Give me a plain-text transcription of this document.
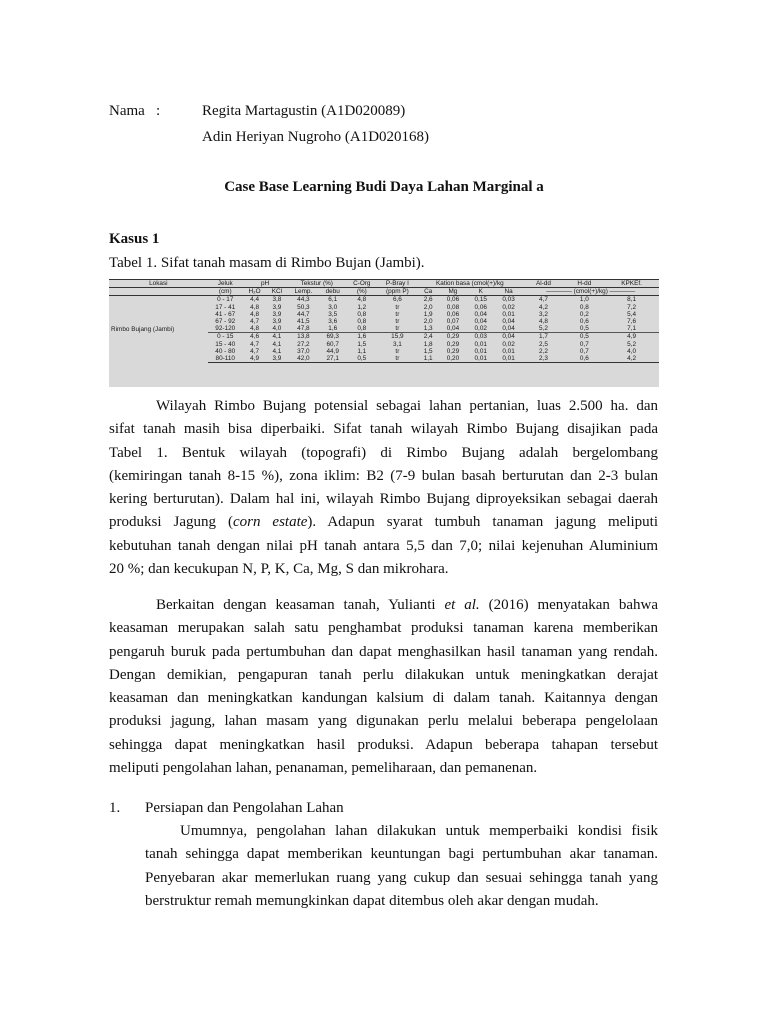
Nama :	Regita Martagustin (A1D020089)
Adin Heriyan Nugroho (A1D020168)
Case Base Learning Budi Daya Lahan Marginal a
Kasus 1
Tabel 1. Sifat tanah masam di Rimbo Bujan (Jambi).
Lokasi	Jeluk	pH		Tekstur (%)		C-Org	P-Bray I	Kation basa (cmol(+)/kg				Al-dd	H-dd	KPKEf.
	(cm)	H₂O	KCl	Lemp.	debu	(%)	(ppm P)	Ca	Mg	K	Na	———— (cmol(+)/kg) ————		
Rimbo Bujang (Jambi)	0 - 17	4,4	3,8	44,3	6,1	4,8	6,6	2,6	0,06	0,15	0,03	4,7	1,0	8,1
	17 - 41	4,8	3,9	50,3	3,0	1,2	tr	2,0	0,08	0,06	0,02	4,2	0,8	7,2
	41 - 67	4,8	3,9	44,7	3,5	0,8	tr	1,9	0,06	0,04	0,01	3,2	0,2	5,4
	67 - 92	4,7	3,9	41,5	3,6	0,8	tr	2,0	0,07	0,04	0,04	4,8	0,6	7,6
	92-120	4,8	4,0	47,8	1,6	0,8	tr	1,3	0,04	0,02	0,04	5,2	0,5	7,1
	0 - 15	4,6	4,1	13,8	69,3	1,6	15,9	2,4	0,29	0,03	0,04	1,7	0,5	4,9
	15 - 40	4,7	4,1	27,2	60,7	1,5	3,1	1,8	0,29	0,01	0,02	2,5	0,7	5,2
	40 - 80	4,7	4,1	37,0	44,9	1,1	tr	1,5	0,29	0,01	0,01	2,2	0,7	4,0
	80-110	4,9	3,9	42,0	27,1	0,5	tr	1,1	0,20	0,01	0,01	2,3	0,6	4,2
Wilayah Rimbo Bujang potensial sebagai lahan pertanian, luas 2.500 ha. dan
sifat tanah masih bisa diperbaiki. Sifat tanah wilayah Rimbo Bujang disajikan pada
Tabel 1. Bentuk wilayah (topografi) di Rimbo Bujang adalah bergelombang
(kemiringan tanah 8-15 %), zona iklim: B2 (7-9 bulan basah berturutan dan 2-3 bulan
kering berturutan). Dalam hal ini, wilayah Rimbo Bujang diproyeksikan sebagai daerah
produksi Jagung (corn estate). Adapun syarat tumbuh tanaman jagung meliputi
kebutuhan tanah dengan nilai pH tanah antara 5,5 dan 7,0; nilai kejenuhan Aluminium
20 %; dan kecukupan N, P, K, Ca, Mg, S dan mikrohara.
Berkaitan dengan keasaman tanah, Yulianti et al. (2016) menyatakan bahwa
keasaman merupakan salah satu penghambat produksi tanaman karena memberikan
pengaruh buruk pada pertumbuhan dan dapat menghasilkan hasil tanaman yang rendah.
Dengan demikian, pengapuran tanah perlu dilakukan untuk meningkatkan derajat
keasaman dan meningkatkan kandungan kalsium di dalam tanah. Kaitannya dengan
produksi jagung, lahan masam yang digunakan perlu melalui beberapa pengelolaan
sehingga dapat meningkatkan hasil produksi. Adapun beberapa tahapan tersebut
meliputi pengolahan lahan, penanaman, pemeliharaan, dan pemanenan.
1. Persiapan dan Pengolahan Lahan
Umumnya, pengolahan lahan dilakukan untuk memperbaiki kondisi fisik
tanah sehingga dapat memberikan keuntungan bagi pertumbuhan akar tanaman.
Penyebaran akar memerlukan ruang yang cukup dan sesuai sehingga tanah yang
berstruktur remah memungkinkan dapat ditembus oleh akar dengan mudah.
